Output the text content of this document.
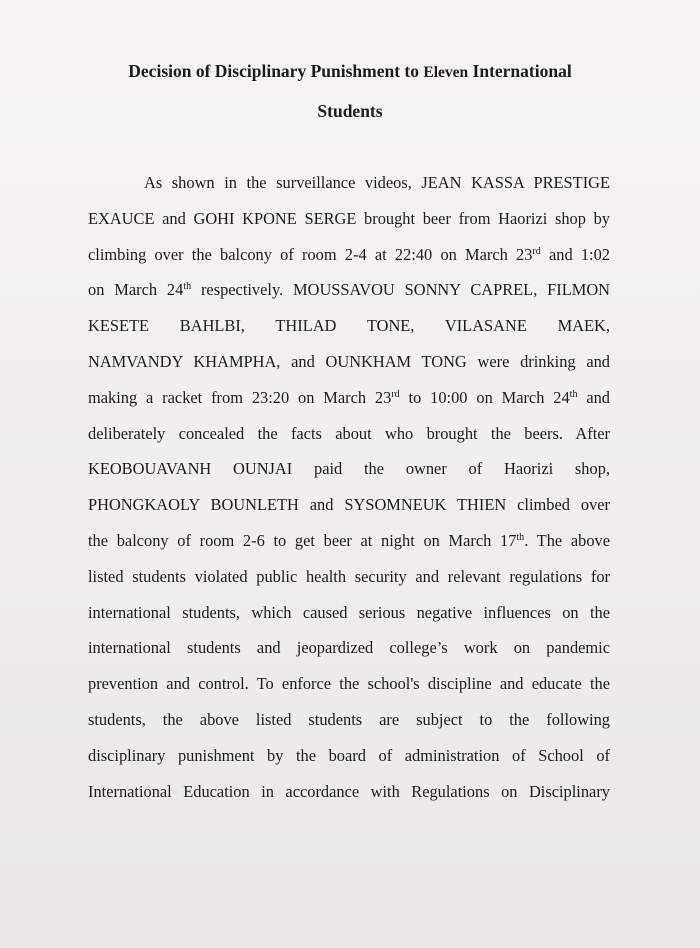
Decision of Disciplinary Punishment to Eleven International
Students
As shown in the surveillance videos, JEAN KASSA PRESTIGE
EXAUCE and GOHI KPONE SERGE brought beer from Haorizi shop by
climbing over the balcony of room 2-4 at 22:40 on March 23rd and 1:02
on March 24th respectively. MOUSSAVOU SONNY CAPREL, FILMON
KESETE BAHLBI, THILAD TONE, VILASANE MAEK,
NAMVANDY KHAMPHA, and OUNKHAM TONG were drinking and
making a racket from 23:20 on March 23rd to 10:00 on March 24th and
deliberately concealed the facts about who brought the beers. After
KEOBOUAVANH OUNJAI paid the owner of Haorizi shop,
PHONGKAOLY BOUNLETH and SYSOMNEUK THIEN climbed over
the balcony of room 2-6 to get beer at night on March 17th. The above
listed students violated public health security and relevant regulations for
international students, which caused serious negative influences on the
international students and jeopardized college’s work on pandemic
prevention and control. To enforce the school's discipline and educate the
students, the above listed students are subject to the following
disciplinary punishment by the board of administration of School of
International Education in accordance with Regulations on Disciplinary
